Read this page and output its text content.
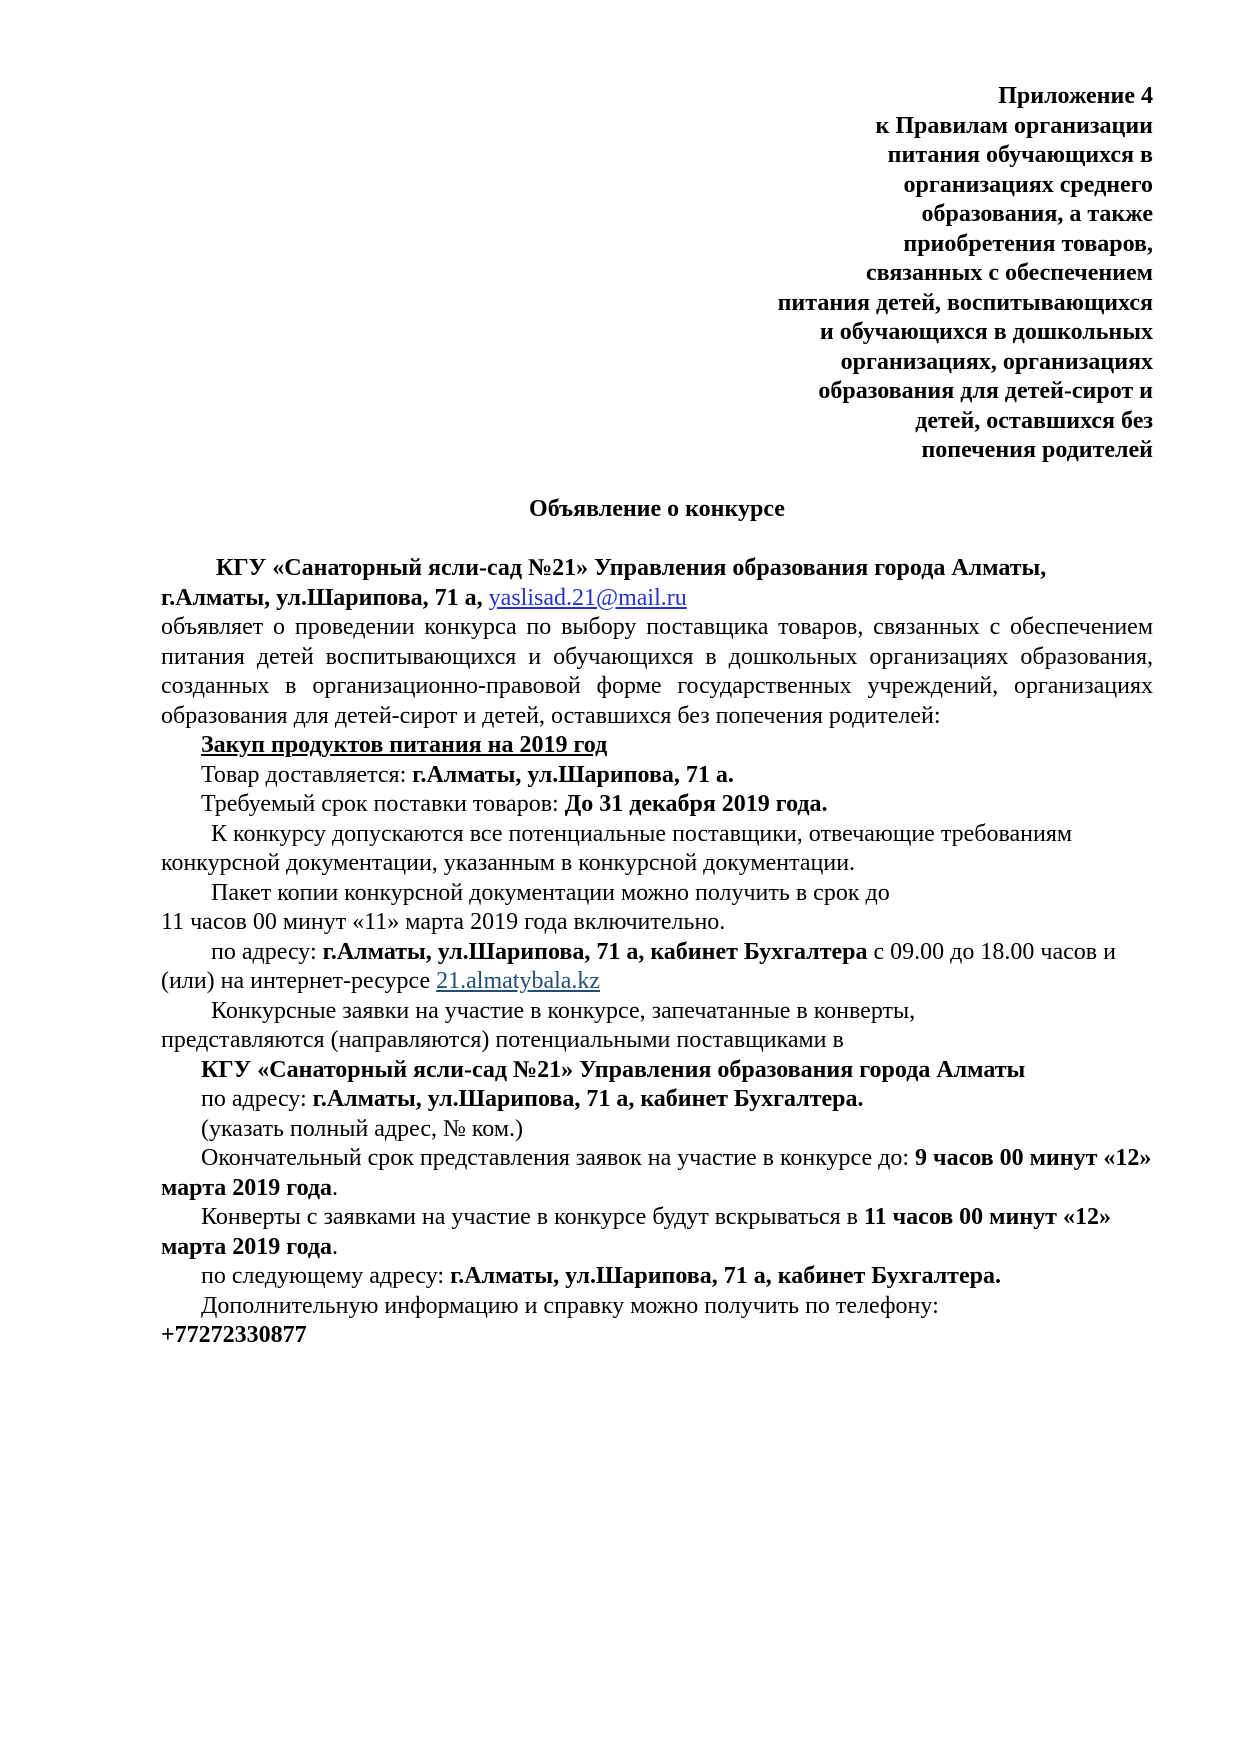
Приложение 4
к Правилам организации
питания обучающихся в
организациях среднего
образования, а также
приобретения товаров,
связанных с обеспечением
питания детей, воспитывающихся
и обучающихся в дошкольных
организациях, организациях
образования для детей-сирот и
детей, оставшихся без
попечения родителей
Объявление о конкурсе

КГУ «Санаторный ясли-сад №21» Управления образования города Алматы,
г.Алматы, ул.Шарипова, 71 а, yaslisad.21@mail.ru
объявляет о проведении конкурса по выбору поставщика товаров, связанных с обеспечением питания детей воспитывающихся и обучающихся в дошкольных организациях образования, созданных в организационно-правовой форме государственных учреждений, организациях образования для детей-сирот и детей, оставшихся без попечения родителей:

Закуп продуктов питания на 2019 год

Товар доставляется: г.Алматы, ул.Шарипова, 71 а.

Требуемый срок поставки товаров: До 31 декабря 2019 года.

К конкурсу допускаются все потенциальные поставщики, отвечающие требованиям конкурсной документации, указанным в конкурсной документации.

Пакет копии конкурсной документации можно получить в срок до
11 часов 00 минут «11» марта 2019 года включительно.

по адресу: г.Алматы, ул.Шарипова, 71 а, кабинет Бухгалтера с 09.00 до 18.00 часов и (или) на интернет-ресурсе 21.almatybala.kz

Конкурсные заявки на участие в конкурсе, запечатанные в конверты,
представляются (направляются) потенциальными поставщиками в

КГУ «Санаторный ясли-сад №21» Управления образования города Алматы

по адресу: г.Алматы, ул.Шарипова, 71 а, кабинет Бухгалтера.

(указать полный адрес, № ком.)

Окончательный срок представления заявок на участие в конкурсе до: 9 часов 00 минут «12» марта 2019 года.

Конверты с заявками на участие в конкурсе будут вскрываться в 11 часов 00 минут «12» марта 2019 года.

по следующему адресу: г.Алматы, ул.Шарипова, 71 а, кабинет Бухгалтера.

Дополнительную информацию и справку можно получить по телефону:
+77272330877
